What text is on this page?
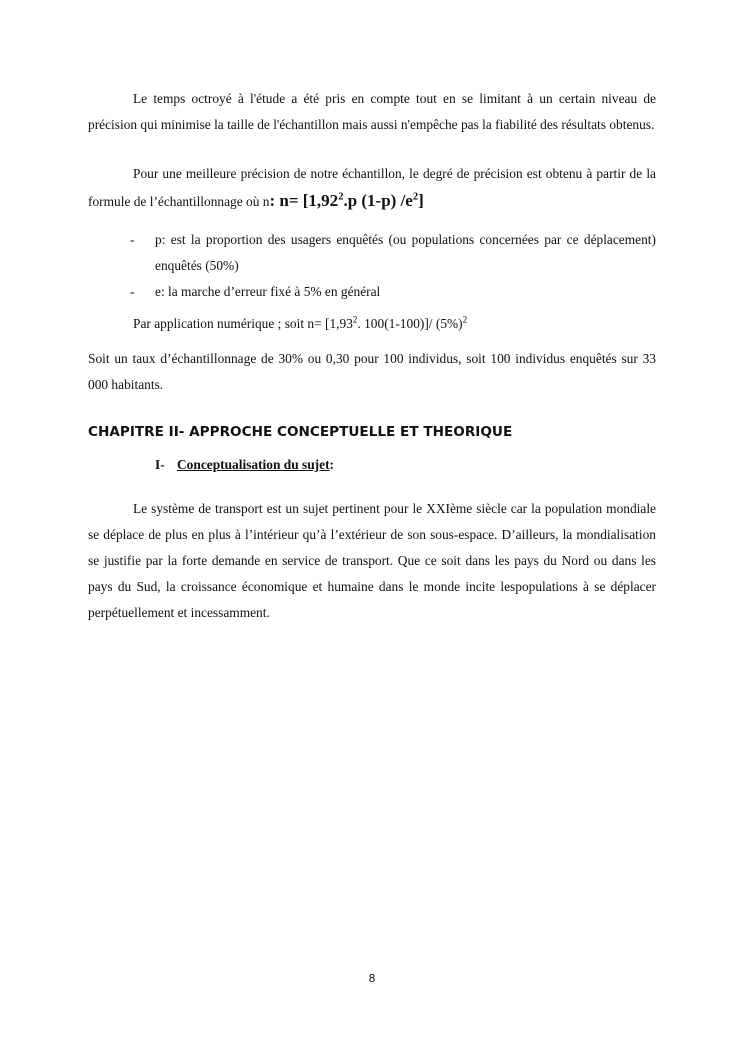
Le temps octroyé à l'étude a été pris en compte tout en se limitant à un certain niveau de précision qui minimise la taille de l'échantillon mais aussi n'empêche pas la fiabilité des résultats obtenus.

Pour une meilleure précision de notre échantillon, le degré de précision est obtenu à partir de la formule de l’échantillonnage où n: $n= [1,92^2.p$ (1-p) $/e^2$]

- p: est la proportion des usagers enquêtés (ou populations concernées par ce déplacement) enquêtés (50%)
- e: la marche d’erreur fixé à 5% en général

Par application numérique ; soit $n= [1,93^2$. 100(1-100)]/ $(5\%)^2$

Soit un taux d’échantillonnage de 30% ou 0,30 pour 100 individus, soit 100 individus enquêtés sur 33 000 habitants.

CHAPITRE II- APPROCHE CONCEPTUELLE ET THEORIQUE
I- Conceptualisation du sujet:

Le système de transport est un sujet pertinent pour le XXIème siècle car la population mondiale se déplace de plus en plus à l’intérieur qu’à l’extérieur de son sous-espace. D’ailleurs, la mondialisation se justifie par la forte demande en service de transport. Que ce soit dans les pays du Nord ou dans les pays du Sud, la croissance économique et humaine dans le monde incite lespopulations à se déplacer perpétuellement et incessamment.

8
